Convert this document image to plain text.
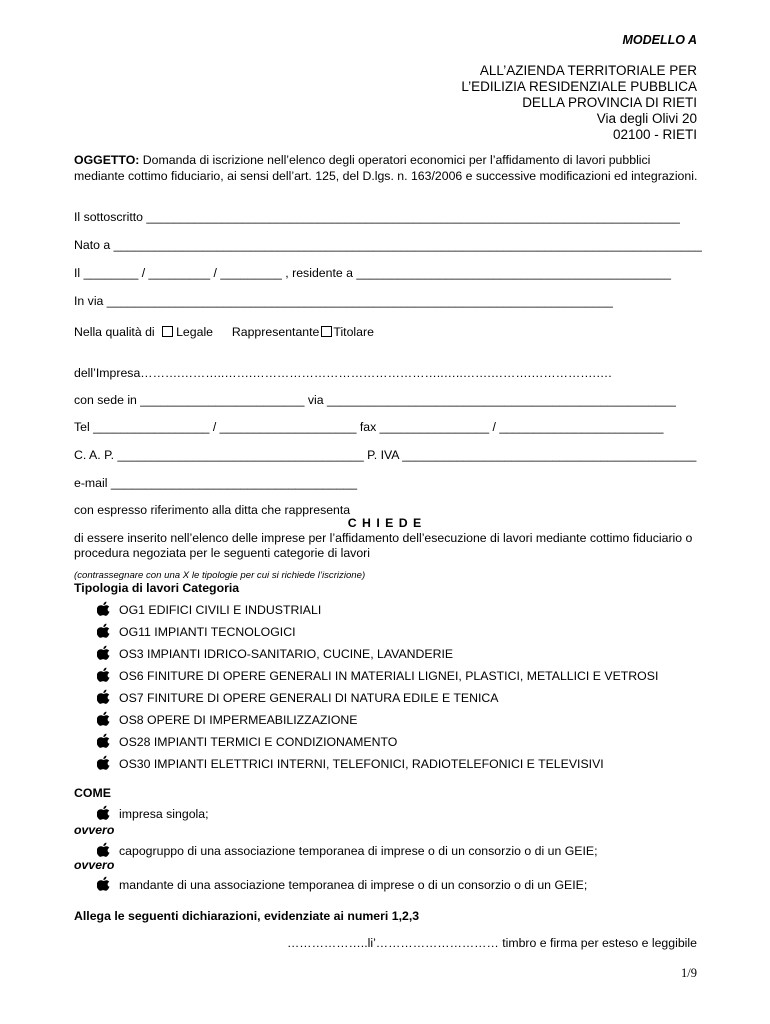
MODELLO A
ALL’AZIENDA TERRITORIALE PER
L’EDILIZIA RESIDENZIALE PUBBLICA
DELLA PROVINCIA DI RIETI
Via degli Olivi 20
02100 - RIETI
OGGETTO: Domanda di iscrizione nell’elenco degli operatori economici per l’affidamento di lavori pubblici mediante cottimo fiduciario, ai sensi dell’art. 125, del D.lgs. n. 163/2006 e successive modificazioni ed integrazioni.
Il sottoscritto ______________________________________________________________________________
Nato a ______________________________________________________________________________________
Il ________ / _________ / _________ , residente a ______________________________________________
In via __________________________________________________________________________
Nella qualità di Legale Rappresentante Titolare
dell’Impresa……….………..…….………………………………………..…..…….……….…………….….
con sede in ________________________ via ___________________________________________________
Tel _________________ / ____________________ fax ________________ / ________________________
C. A. P. ____________________________________ P. IVA ___________________________________________
e-mail ____________________________________
con espresso riferimento alla ditta che rappresenta
C H I E D E
di essere inserito nell’elenco delle imprese per l’affidamento dell’esecuzione di lavori mediante cottimo fiduciario o procedura negoziata per le seguenti categorie di lavori
(contrassegnare con una X le tipologie per cui si richiede l’iscrizione)
Tipologia di lavori Categoria
OG1 EDIFICI CIVILI E INDUSTRIALI
OG11 IMPIANTI TECNOLOGICI
OS3 IMPIANTI IDRICO-SANITARIO, CUCINE, LAVANDERIE
OS6 FINITURE DI OPERE GENERALI IN MATERIALI LIGNEI, PLASTICI, METALLICI E VETROSI
OS7 FINITURE DI OPERE GENERALI DI NATURA EDILE E TENICA
OS8 OPERE DI IMPERMEABILIZZAZIONE
OS28 IMPIANTI TERMICI E CONDIZIONAMENTO
OS30 IMPIANTI ELETTRICI INTERNI, TELEFONICI, RADIOTELEFONICI E TELEVISIVI
COME
impresa singola;
ovvero
capogruppo di una associazione temporanea di imprese o di un consorzio o di un GEIE;
ovvero
mandante di una associazione temporanea di imprese o di un consorzio o di un GEIE;
Allega le seguenti dichiarazioni, evidenziate ai numeri 1,2,3
………………..li’………………………… timbro e firma per esteso e leggibile
1/9
